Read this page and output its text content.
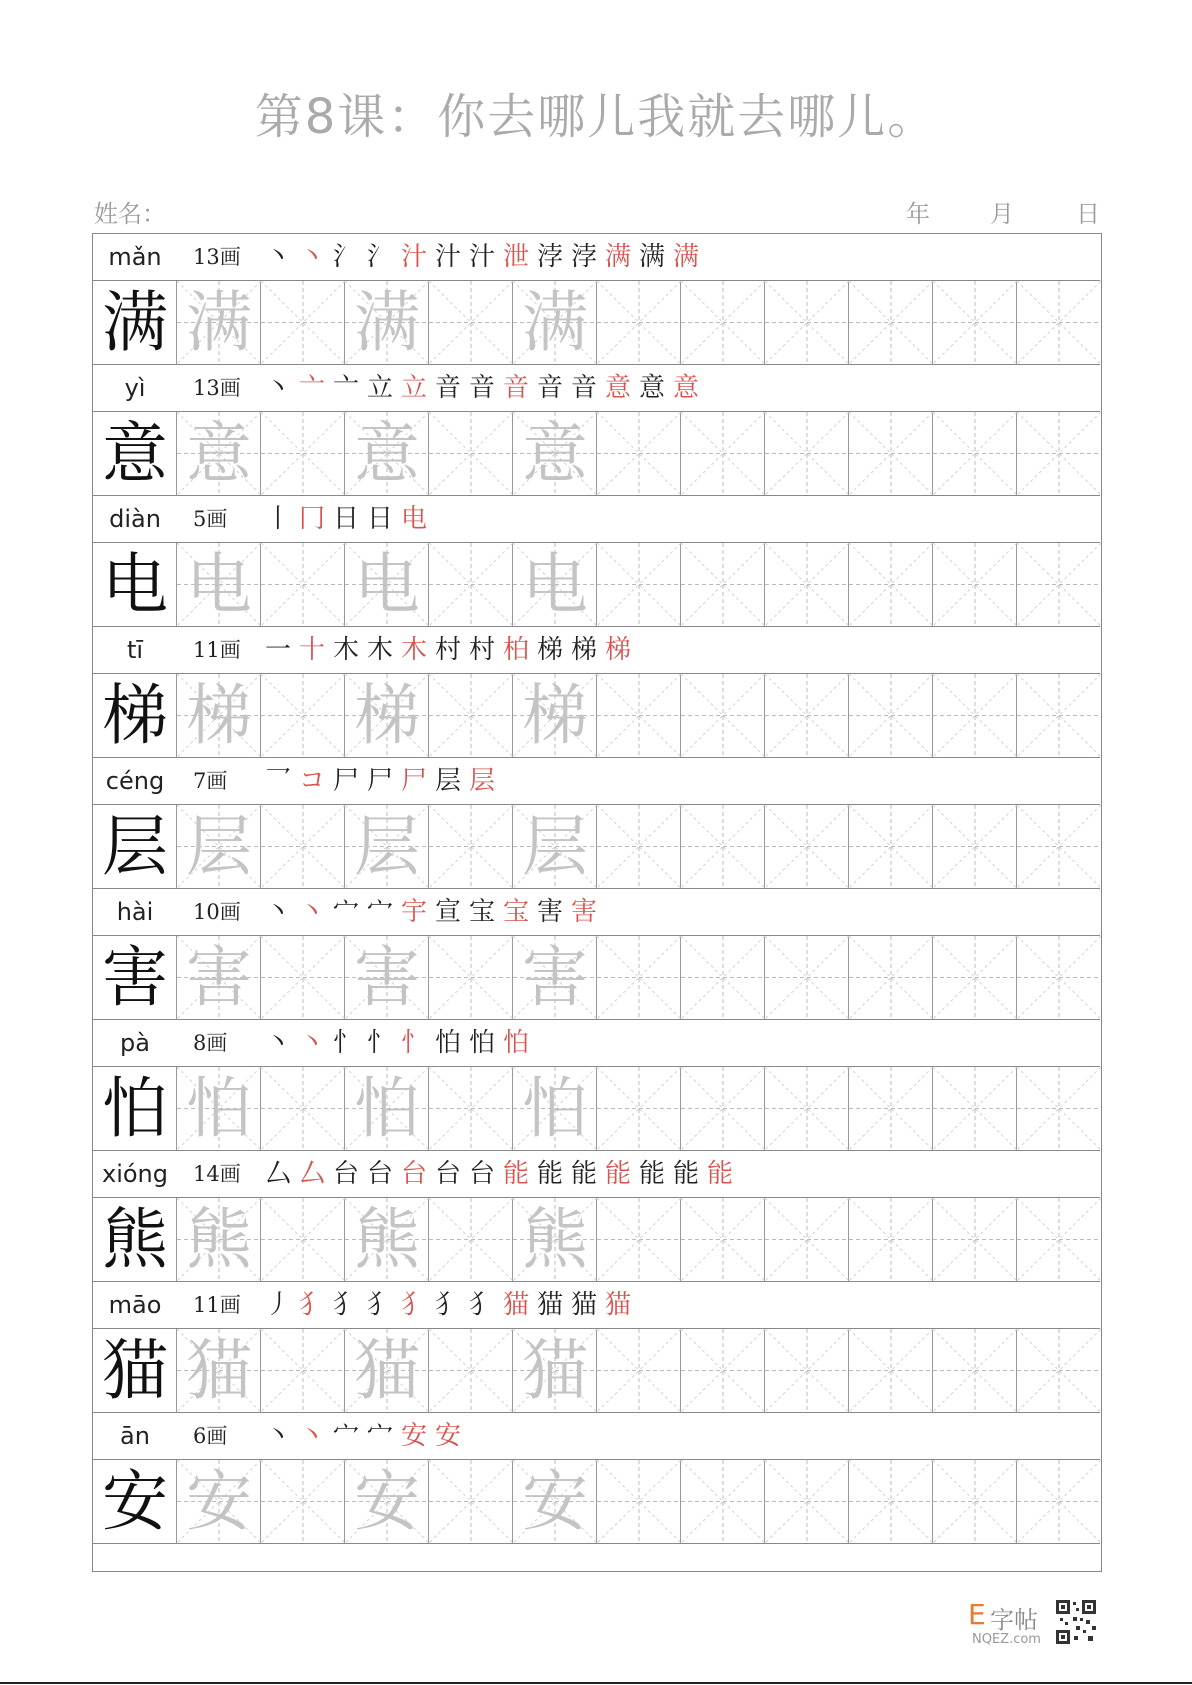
第8课：你去哪儿我就去哪儿。
姓名：	年	月	日
mǎn	13画 丶 丶 氵 氵 汁 汁 汁 泄 浡 浡 满 满 满
满 满 满 满
yì	13画 丶 亠 亠 立 立 音 音 音 音 音 意 意 意
意 意 意 意
diàn	5画 丨 冂 日 日 电
电 电 电 电
tī	11画 一 十 木 木 木 村 村 柏 梯 梯 梯
梯 梯 梯 梯
céng	7画 乛 コ 尸 尸 尸 层 层
层 层 层 层
hài	10画 丶 丶 宀 宀 宇 宣 宝 宝 害 害
害 害 害 害
pà	8画 丶 丶 忄 忄 忄 怕 怕 怕
怕 怕 怕 怕
xióng	14画 厶 厶 台 台 台 台 台 能 能 能 能 能 能 能
熊 熊 熊 熊
māo	11画 丿 犭 犭 犭 犭 犭 犭 猫 猫 猫 猫
猫 猫 猫 猫
ān	6画 丶 丶 宀 宀 安 安
安 安 安 安
E 字帖
NQEZ.com
